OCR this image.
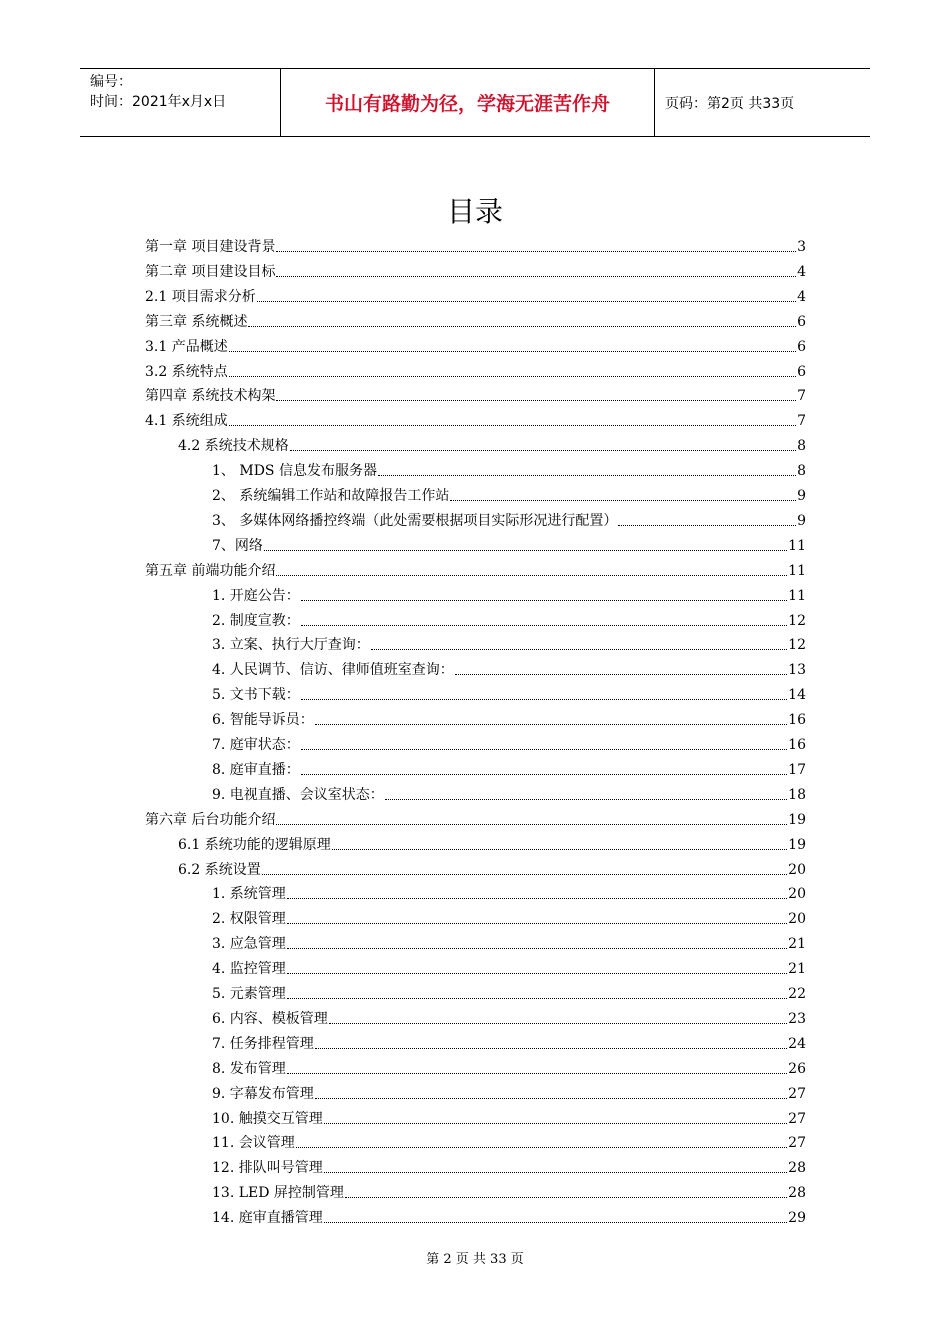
编号：
时间：2021年x月x日	书山有路勤为径，学海无涯苦作舟	页码：第2页 共33页
目录
第一章 项目建设背景	3
第二章 项目建设目标	4
2.1 项目需求分析	4
第三章 系统概述	6
3.1 产品概述	6
3.2 系统特点	6
第四章 系统技术构架	7
4.1 系统组成	7
4.2 系统技术规格	8
1、 MDS 信息发布服务器	8
2、 系统编辑工作站和故障报告工作站	9
3、 多媒体网络播控终端（此处需要根据项目实际形况进行配置）	9
7、网络	11
第五章 前端功能介绍	11
1. 开庭公告：	11
2. 制度宣教：	12
3. 立案、执行大厅查询：	12
4. 人民调节、信访、律师值班室查询：	13
5. 文书下载：	14
6. 智能导诉员：	16
7. 庭审状态：	16
8. 庭审直播：	17
9. 电视直播、会议室状态：	18
第六章 后台功能介绍	19
6.1 系统功能的逻辑原理	19
6.2 系统设置	20
1. 系统管理	20
2. 权限管理	20
3. 应急管理	21
4. 监控管理	21
5. 元素管理	22
6. 内容、模板管理	23
7. 任务排程管理	24
8. 发布管理	26
9. 字幕发布管理	27
10. 触摸交互管理	27
11. 会议管理	27
12. 排队叫号管理	28
13. LED 屏控制管理	28
14. 庭审直播管理	29
第 2 页 共 33 页
